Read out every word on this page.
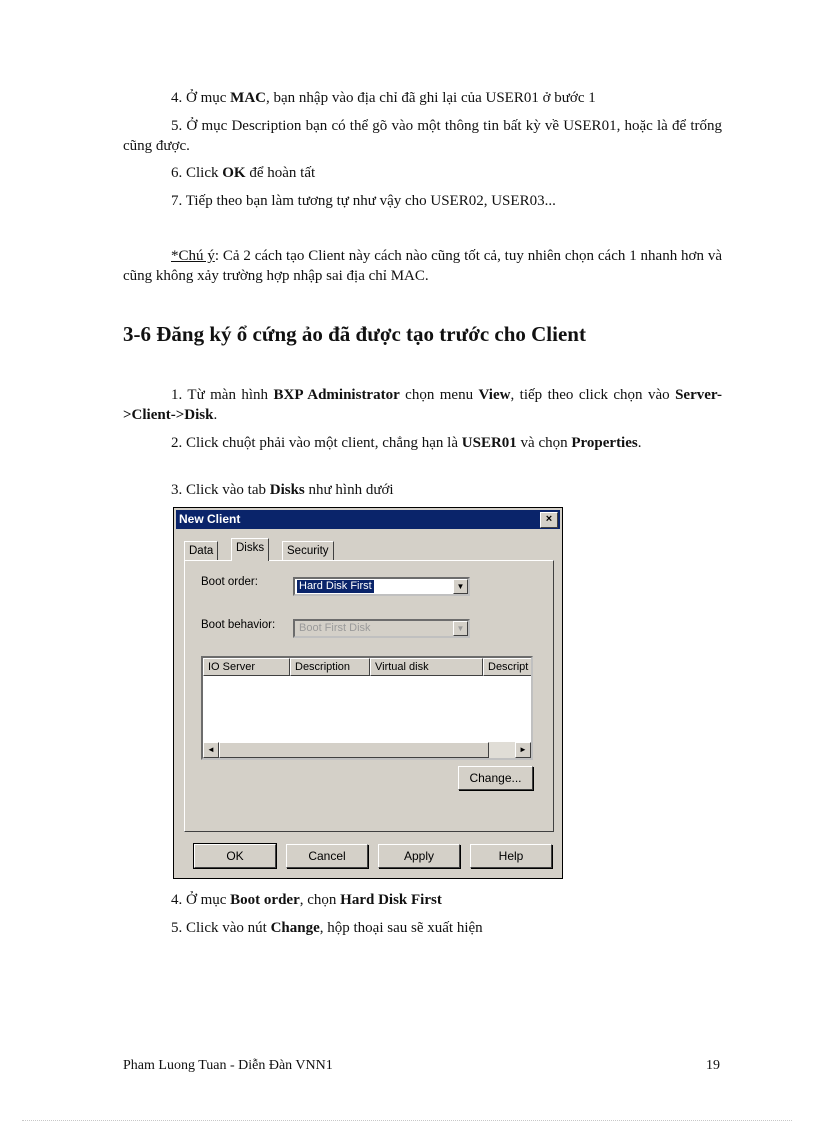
4. Ở mục MAC, bạn nhập vào địa chỉ đã ghi lại của USER01 ở bước 1
5. Ở mục Description bạn có thể gõ vào một thông tin bất kỳ về USER01, hoặc là để trống cũng được.
6. Click OK để hoàn tất
7. Tiếp theo bạn làm tương tự như vậy cho USER02, USER03...
*Chú ý: Cả 2 cách tạo Client này cách nào cũng tốt cả, tuy nhiên chọn cách 1 nhanh hơn và cũng không xảy trường hợp nhập sai địa chỉ MAC.
3-6 Đăng ký ổ cứng ảo đã được tạo trước cho Client
1. Từ màn hình BXP Administrator chọn menu View, tiếp theo click chọn vào Server->Client->Disk.
2. Click chuột phải vào một client, chẳng hạn là USER01 và chọn Properties.
3. Click vào tab Disks như hình dưới
New Client	×
Data	Disks	Security
Boot order:	Hard Disk First	▼
Boot behavior: Boot First Disk	▼
IO Server	Description	Virtual disk	Descript
◄	►
Change...
OK	Cancel	Apply	Help
4. Ở mục Boot order, chọn Hard Disk First
5. Click vào nút Change, hộp thoại sau sẽ xuất hiện
Pham Luong Tuan - Diễn Đàn VNN1	19
